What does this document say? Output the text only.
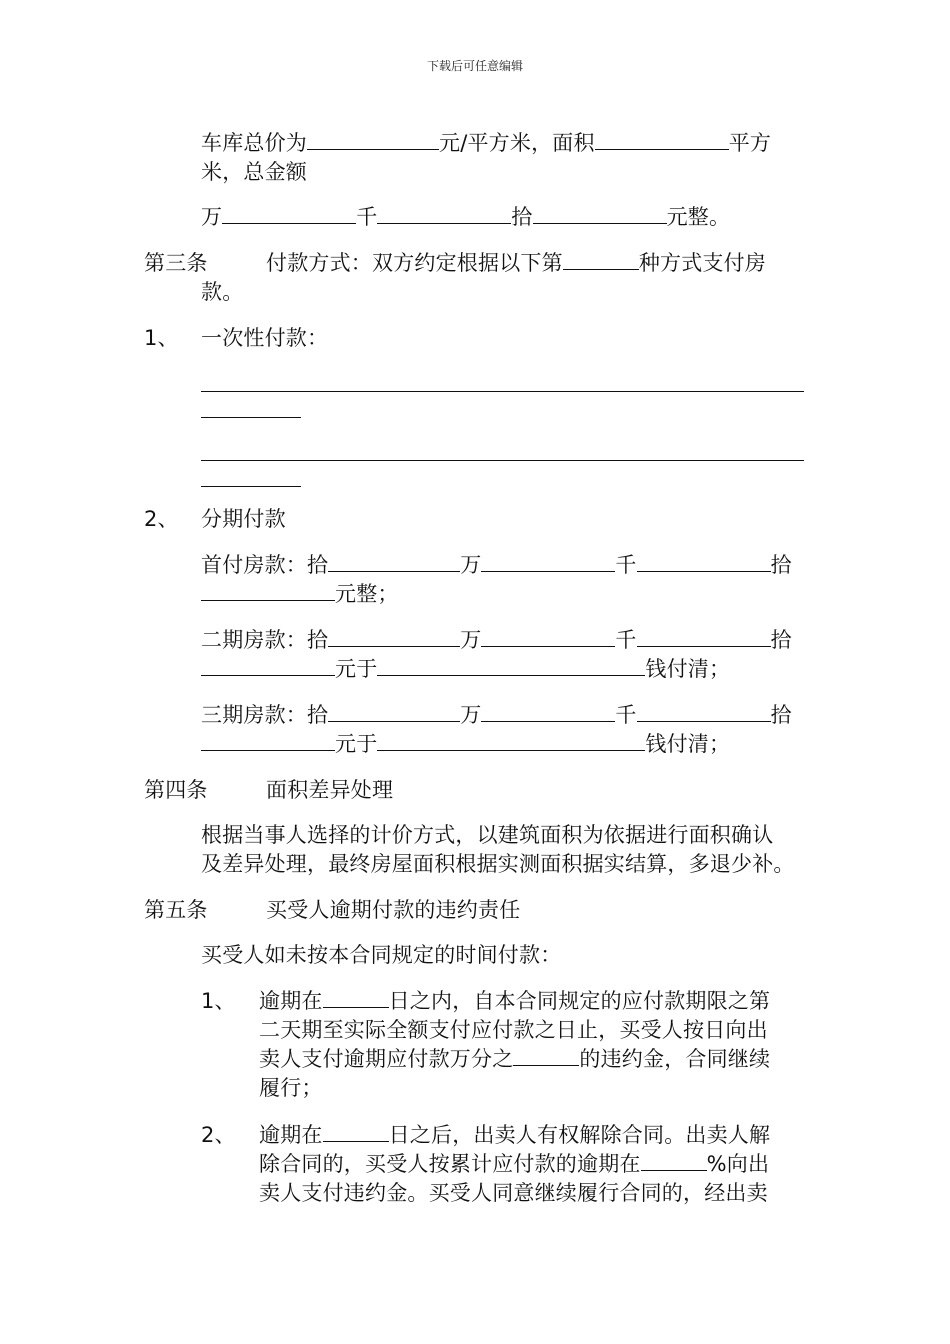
下载后可任意编辑
车库总价为	元/平方米，面积	平方
米，总金额
万	千	拾	元整。
第三条	付款方式：双方约定根据以下第	种方式支付房
款。
1、 一次性付款：
2、 分期付款
首付房款：拾	万	千	拾
元整；
二期房款：拾	万	千	拾
元于	钱付清；
三期房款：拾	万	千	拾
元于	钱付清；
第四条	面积差异处理
根据当事人选择的计价方式，以建筑面积为依据进行面积确认
及差异处理，最终房屋面积根据实测面积据实结算，多退少补。
第五条	买受人逾期付款的违约责任
买受人如未按本合同规定的时间付款：
1、 逾期在	日之内，自本合同规定的应付款期限之第
二天期至实际全额支付应付款之日止，买受人按日向出
卖人支付逾期应付款万分之	的违约金，合同继续
履行；
2、 逾期在	日之后，出卖人有权解除合同。出卖人解
除合同的，买受人按累计应付款的逾期在	%向出
卖人支付违约金。买受人同意继续履行合同的，经出卖
